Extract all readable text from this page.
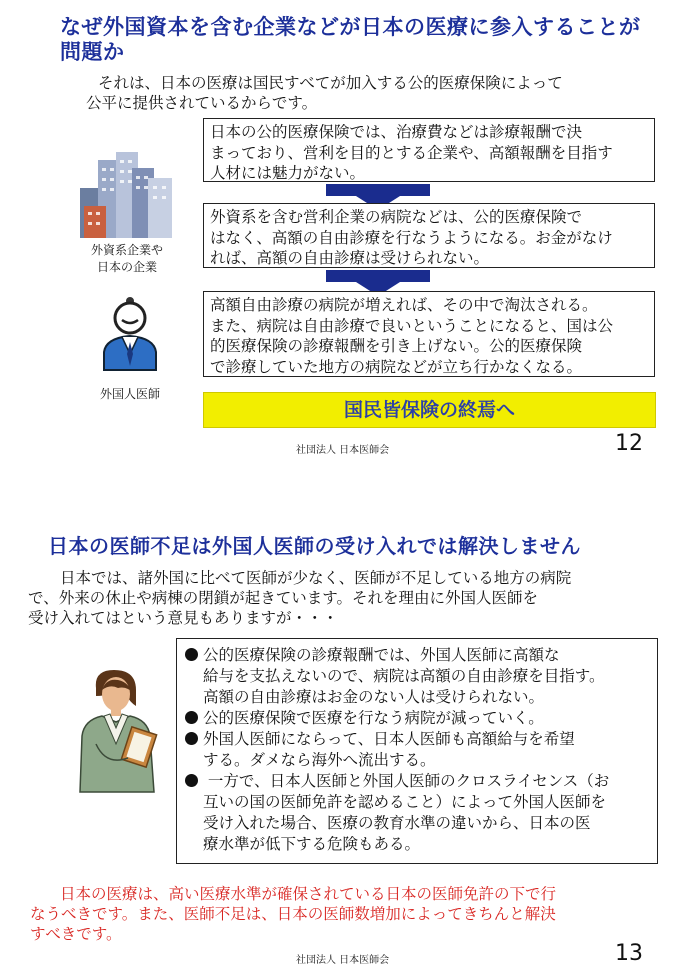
なぜ外国資本を含む企業などが日本の医療に参入することが
問題か
それは、日本の医療は国民すべてが加入する公的医療保険によって
公平に提供されているからです。
外資系企業や
日本の企業
外国人医師
日本の公的医療保険では、治療費などは診療報酬で決
まっており、営利を目的とする企業や、高額報酬を目指す
人材には魅力がない。
外資系を含む営利企業の病院などは、公的医療保険で
はなく、高額の自由診療を行なうようになる。お金がなけ
れば、高額の自由診療は受けられない。
高額自由診療の病院が増えれば、その中で淘汰される。
また、病院は自由診療で良いということになると、国は公
的医療保険の診療報酬を引き上げない。公的医療保険
で診療していた地方の病院などが立ち行かなくなる。
国民皆保険の終焉へ
社団法人 日本医師会	12
日本の医師不足は外国人医師の受け入れでは解決しません
日本では、諸外国に比べて医師が少なく、医師が不足している地方の病院
で、外来の休止や病棟の閉鎖が起きています。それを理由に外国人医師を
受け入れてはという意見もありますが・・・
公的医療保険の診療報酬では、外国人医師に高額な
給与を支払えないので、病院は高額の自由診療を目指す。
高額の自由診療はお金のない人は受けられない。
公的医療保険で医療を行なう病院が減っていく。
外国人医師にならって、日本人医師も高額給与を希望
する。ダメなら海外へ流出する。
一方で、日本人医師と外国人医師のクロスライセンス（お
互いの国の医師免許を認めること）によって外国人医師を
受け入れた場合、医療の教育水準の違いから、日本の医
療水準が低下する危険もある。
日本の医療は、高い医療水準が確保されている日本の医師免許の下で行
なうべきです。また、医師不足は、日本の医師数増加によってきちんと解決
すべきです。
社団法人 日本医師会	13
